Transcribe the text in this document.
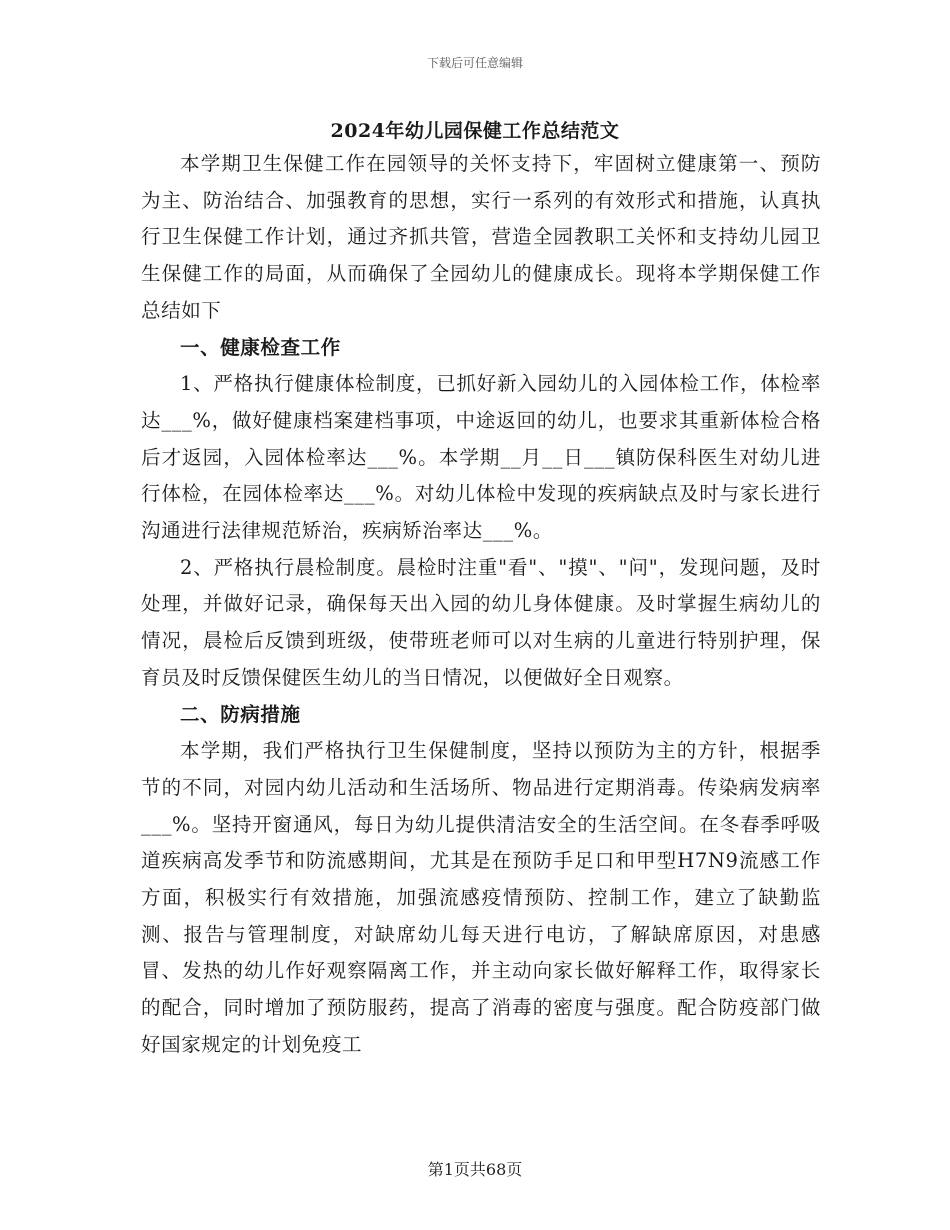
下载后可任意编辑
2024年幼儿园保健工作总结范文

本学期卫生保健工作在园领导的关怀支持下，牢固树立健康第一、预防为主、防治结合、加强教育的思想，实行一系列的有效形式和措施，认真执行卫生保健工作计划，通过齐抓共管，营造全园教职工关怀和支持幼儿园卫生保健工作的局面，从而确保了全园幼儿的健康成长。现将本学期保健工作总结如下

一、健康检查工作

1、严格执行健康体检制度，已抓好新入园幼儿的入园体检工作，体检率达___%，做好健康档案建档事项，中途返回的幼儿，也要求其重新体检合格后才返园，入园体检率达___%。本学期__月__日___镇防保科医生对幼儿进行体检，在园体检率达___%。对幼儿体检中发现的疾病缺点及时与家长进行沟通进行法律规范矫治，疾病矫治率达___%。

2、严格执行晨检制度。晨检时注重"看"、"摸"、"问"，发现问题，及时处理，并做好记录，确保每天出入园的幼儿身体健康。及时掌握生病幼儿的情况，晨检后反馈到班级，使带班老师可以对生病的儿童进行特别护理，保育员及时反馈保健医生幼儿的当日情况，以便做好全日观察。

二、防病措施

本学期，我们严格执行卫生保健制度，坚持以预防为主的方针，根据季节的不同，对园内幼儿活动和生活场所、物品进行定期消毒。传染病发病率___%。坚持开窗通风，每日为幼儿提供清洁安全的生活空间。在冬春季呼吸道疾病高发季节和防流感期间，尤其是在预防手足口和甲型H7N9流感工作方面，积极实行有效措施，加强流感疫情预防、控制工作，建立了缺勤监测、报告与管理制度，对缺席幼儿每天进行电访，了解缺席原因，对患感冒、发热的幼儿作好观察隔离工作，并主动向家长做好解释工作，取得家长的配合，同时增加了预防服药，提高了消毒的密度与强度。配合防疫部门做好国家规定的计划免疫工

第1页共68页
